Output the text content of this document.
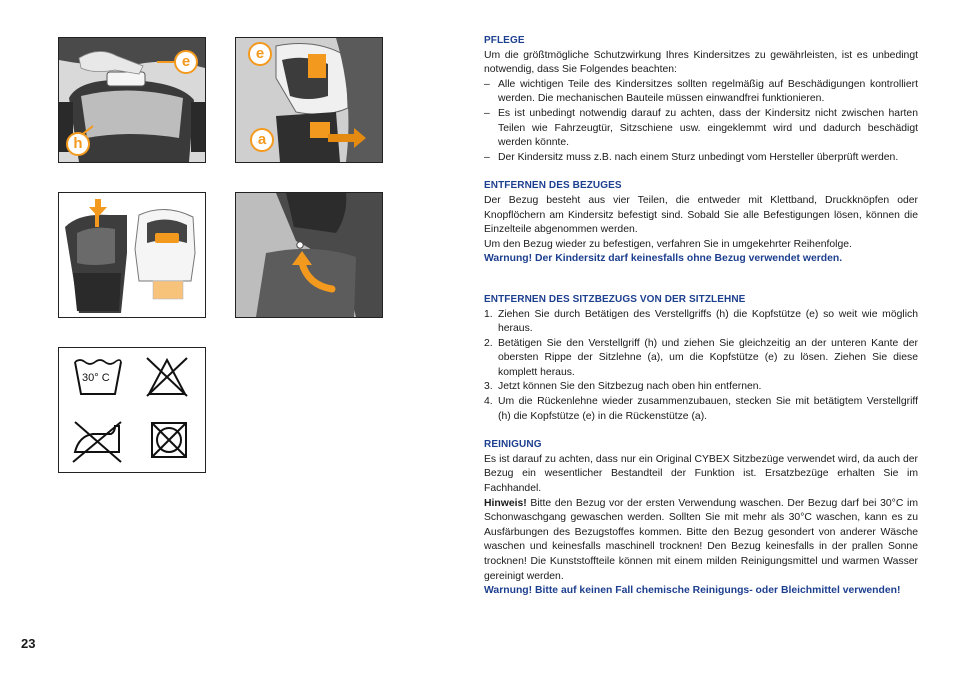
e
h
e
a
30° C
PFLEGE

Um die größtmögliche Schutzwirkung Ihres Kindersitzes zu gewährleisten, ist es unbedingt notwendig, dass Sie Folgendes beachten:

– Alle wichtigen Teile des Kindersitzes sollten regelmäßig auf Beschädigungen kontrolliert werden. Die mechanischen Bauteile müssen einwandfrei funktionieren.
– Es ist unbedingt notwendig darauf zu achten, dass der Kindersitz nicht zwischen harten Teilen wie Fahrzeugtür, Sitzschiene usw. eingeklemmt wird und dadurch beschädigt werden könnte.
– Der Kindersitz muss z.B. nach einem Sturz unbedingt vom Hersteller überprüft werden.
ENTFERNEN DES BEZUGES

Der Bezug besteht aus vier Teilen, die entweder mit Klettband, Druckknöpfen oder Knopflöchern am Kindersitz befestigt sind. Sobald Sie alle Befestigungen lösen, können die Einzelteile abgenommen werden.

Um den Bezug wieder zu befestigen, verfahren Sie in umgekehrter Reihenfolge.

Warnung! Der Kindersitz darf keinesfalls ohne Bezug verwendet werden.

ENTFERNEN DES SITZBEZUGS VON DER SITZLEHNE
1. Ziehen Sie durch Betätigen des Verstellgriffs (h) die Kopfstütze (e) so weit wie möglich heraus.
2. Betätigen Sie den Verstellgriff (h) und ziehen Sie gleichzeitig an der unteren Kante der obersten Rippe der Sitzlehne (a), um die Kopfstütze (e) zu lösen. Ziehen Sie diese komplett heraus.
3. Jetzt können Sie den Sitzbezug nach oben hin entfernen.
4. Um die Rückenlehne wieder zusammenzubauen, stecken Sie mit betätigtem Verstellgriff (h) die Kopfstütze (e) in die Rückenstütze (a).
REINIGUNG

Es ist darauf zu achten, dass nur ein Original CYBEX Sitzbezüge verwendet wird, da auch der Bezug ein wesentlicher Bestandteil der Funktion ist. Ersatzbezüge erhalten Sie im Fachhandel.

Hinweis! Bitte den Bezug vor der ersten Verwendung waschen. Der Bezug darf bei 30°C im Schonwaschgang gewaschen werden. Sollten Sie mit mehr als 30°C waschen, kann es zu Ausfärbungen des Bezugstoffes kommen. Bitte den Bezug gesondert von anderer Wäsche waschen und keinesfalls maschinell trocknen! Den Bezug keinesfalls in der prallen Sonne trocknen! Die Kunststoffteile können mit einem milden Reinigungsmittel und warmen Wasser gereinigt werden.

Warnung! Bitte auf keinen Fall chemische Reinigungs- oder Bleichmittel verwenden!

23
